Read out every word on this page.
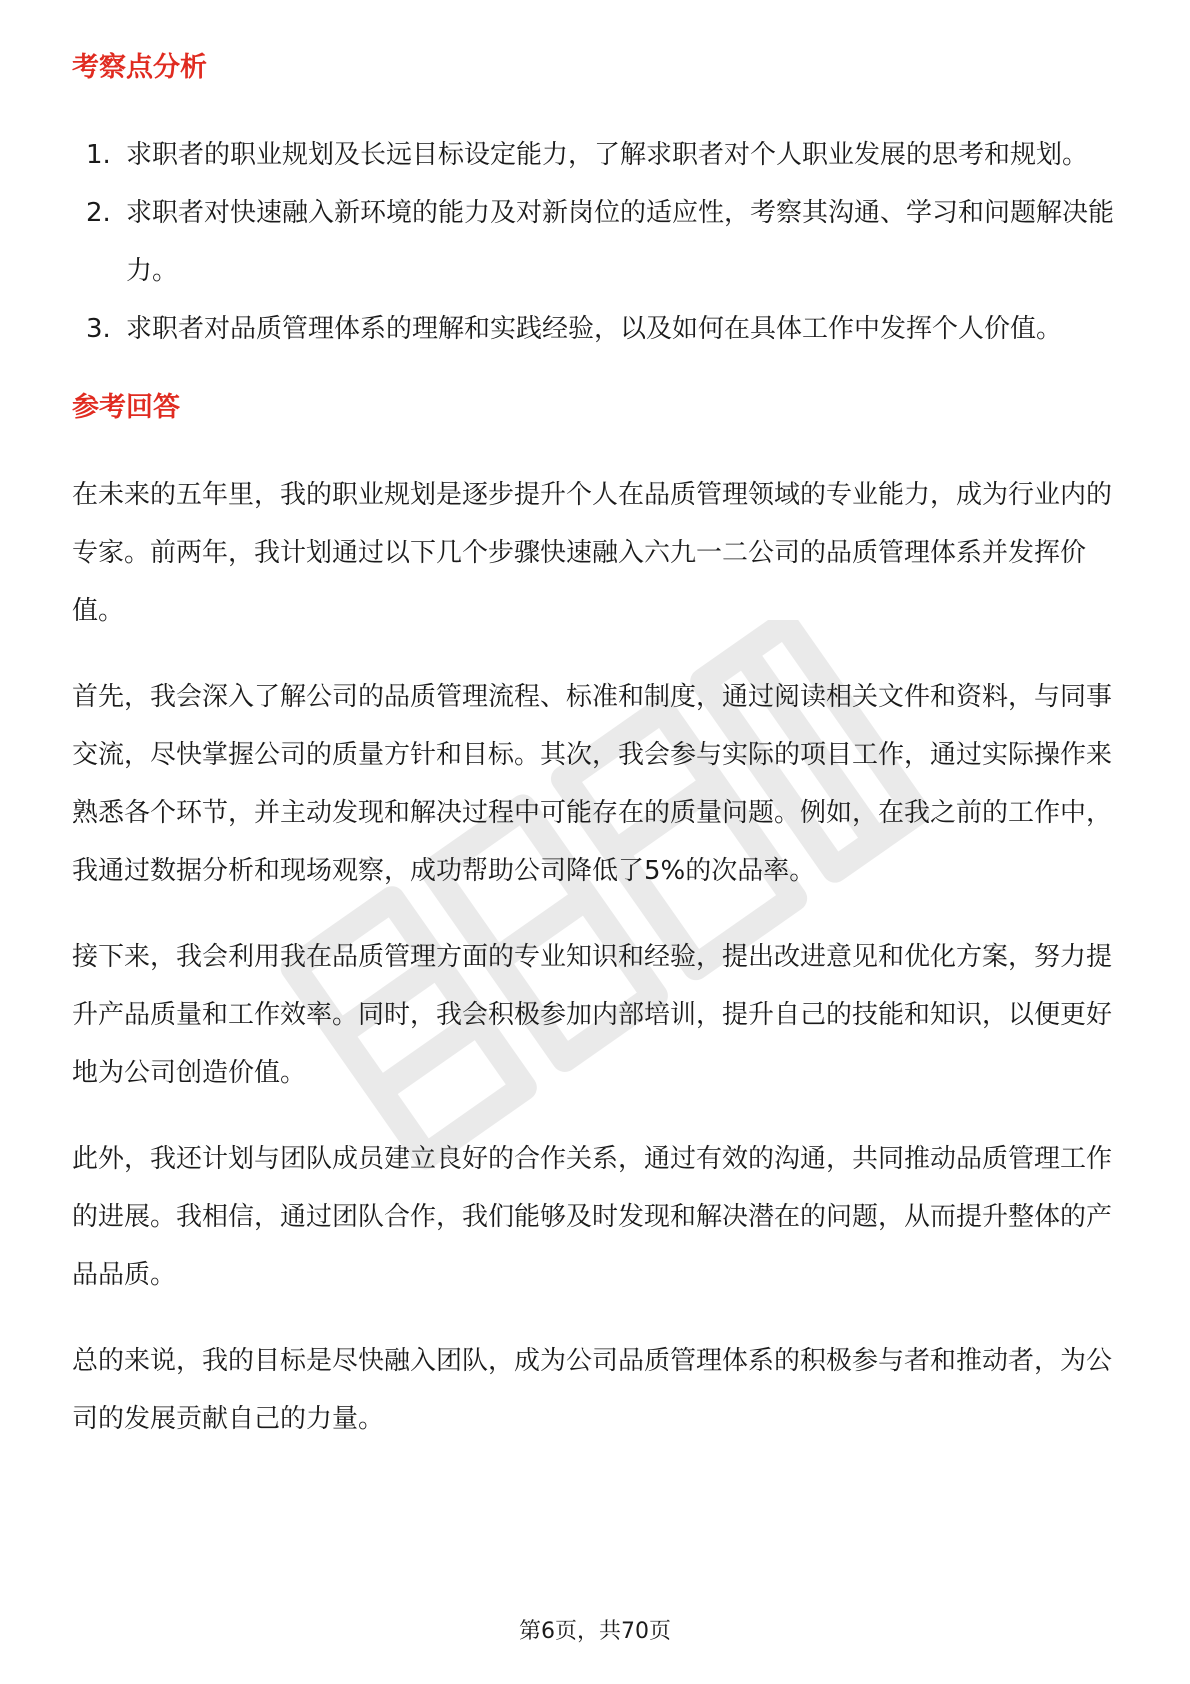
考察点分析
1. 求职者的职业规划及长远目标设定能力，了解求职者对个人职业发展的思考和规划。
2. 求职者对快速融入新环境的能力及对新岗位的适应性，考察其沟通、学习和问题解决能力。
3. 求职者对品质管理体系的理解和实践经验，以及如何在具体工作中发挥个人价值。
参考回答

在未来的五年里，我的职业规划是逐步提升个人在品质管理领域的专业能力，成为行业内的专家。前两年，我计划通过以下几个步骤快速融入六九一二公司的品质管理体系并发挥价值。

首先，我会深入了解公司的品质管理流程、标准和制度，通过阅读相关文件和资料，与同事交流，尽快掌握公司的质量方针和目标。其次，我会参与实际的项目工作，通过实际操作来熟悉各个环节，并主动发现和解决过程中可能存在的质量问题。例如，在我之前的工作中，我通过数据分析和现场观察，成功帮助公司降低了5%的次品率。

接下来，我会利用我在品质管理方面的专业知识和经验，提出改进意见和优化方案，努力提升产品质量和工作效率。同时，我会积极参加内部培训，提升自己的技能和知识，以便更好地为公司创造价值。

此外，我还计划与团队成员建立良好的合作关系，通过有效的沟通，共同推动品质管理工作的进展。我相信，通过团队合作，我们能够及时发现和解决潜在的问题，从而提升整体的产品品质。

总的来说，我的目标是尽快融入团队，成为公司品质管理体系的积极参与者和推动者，为公司的发展贡献自己的力量。

第6页，共70页
